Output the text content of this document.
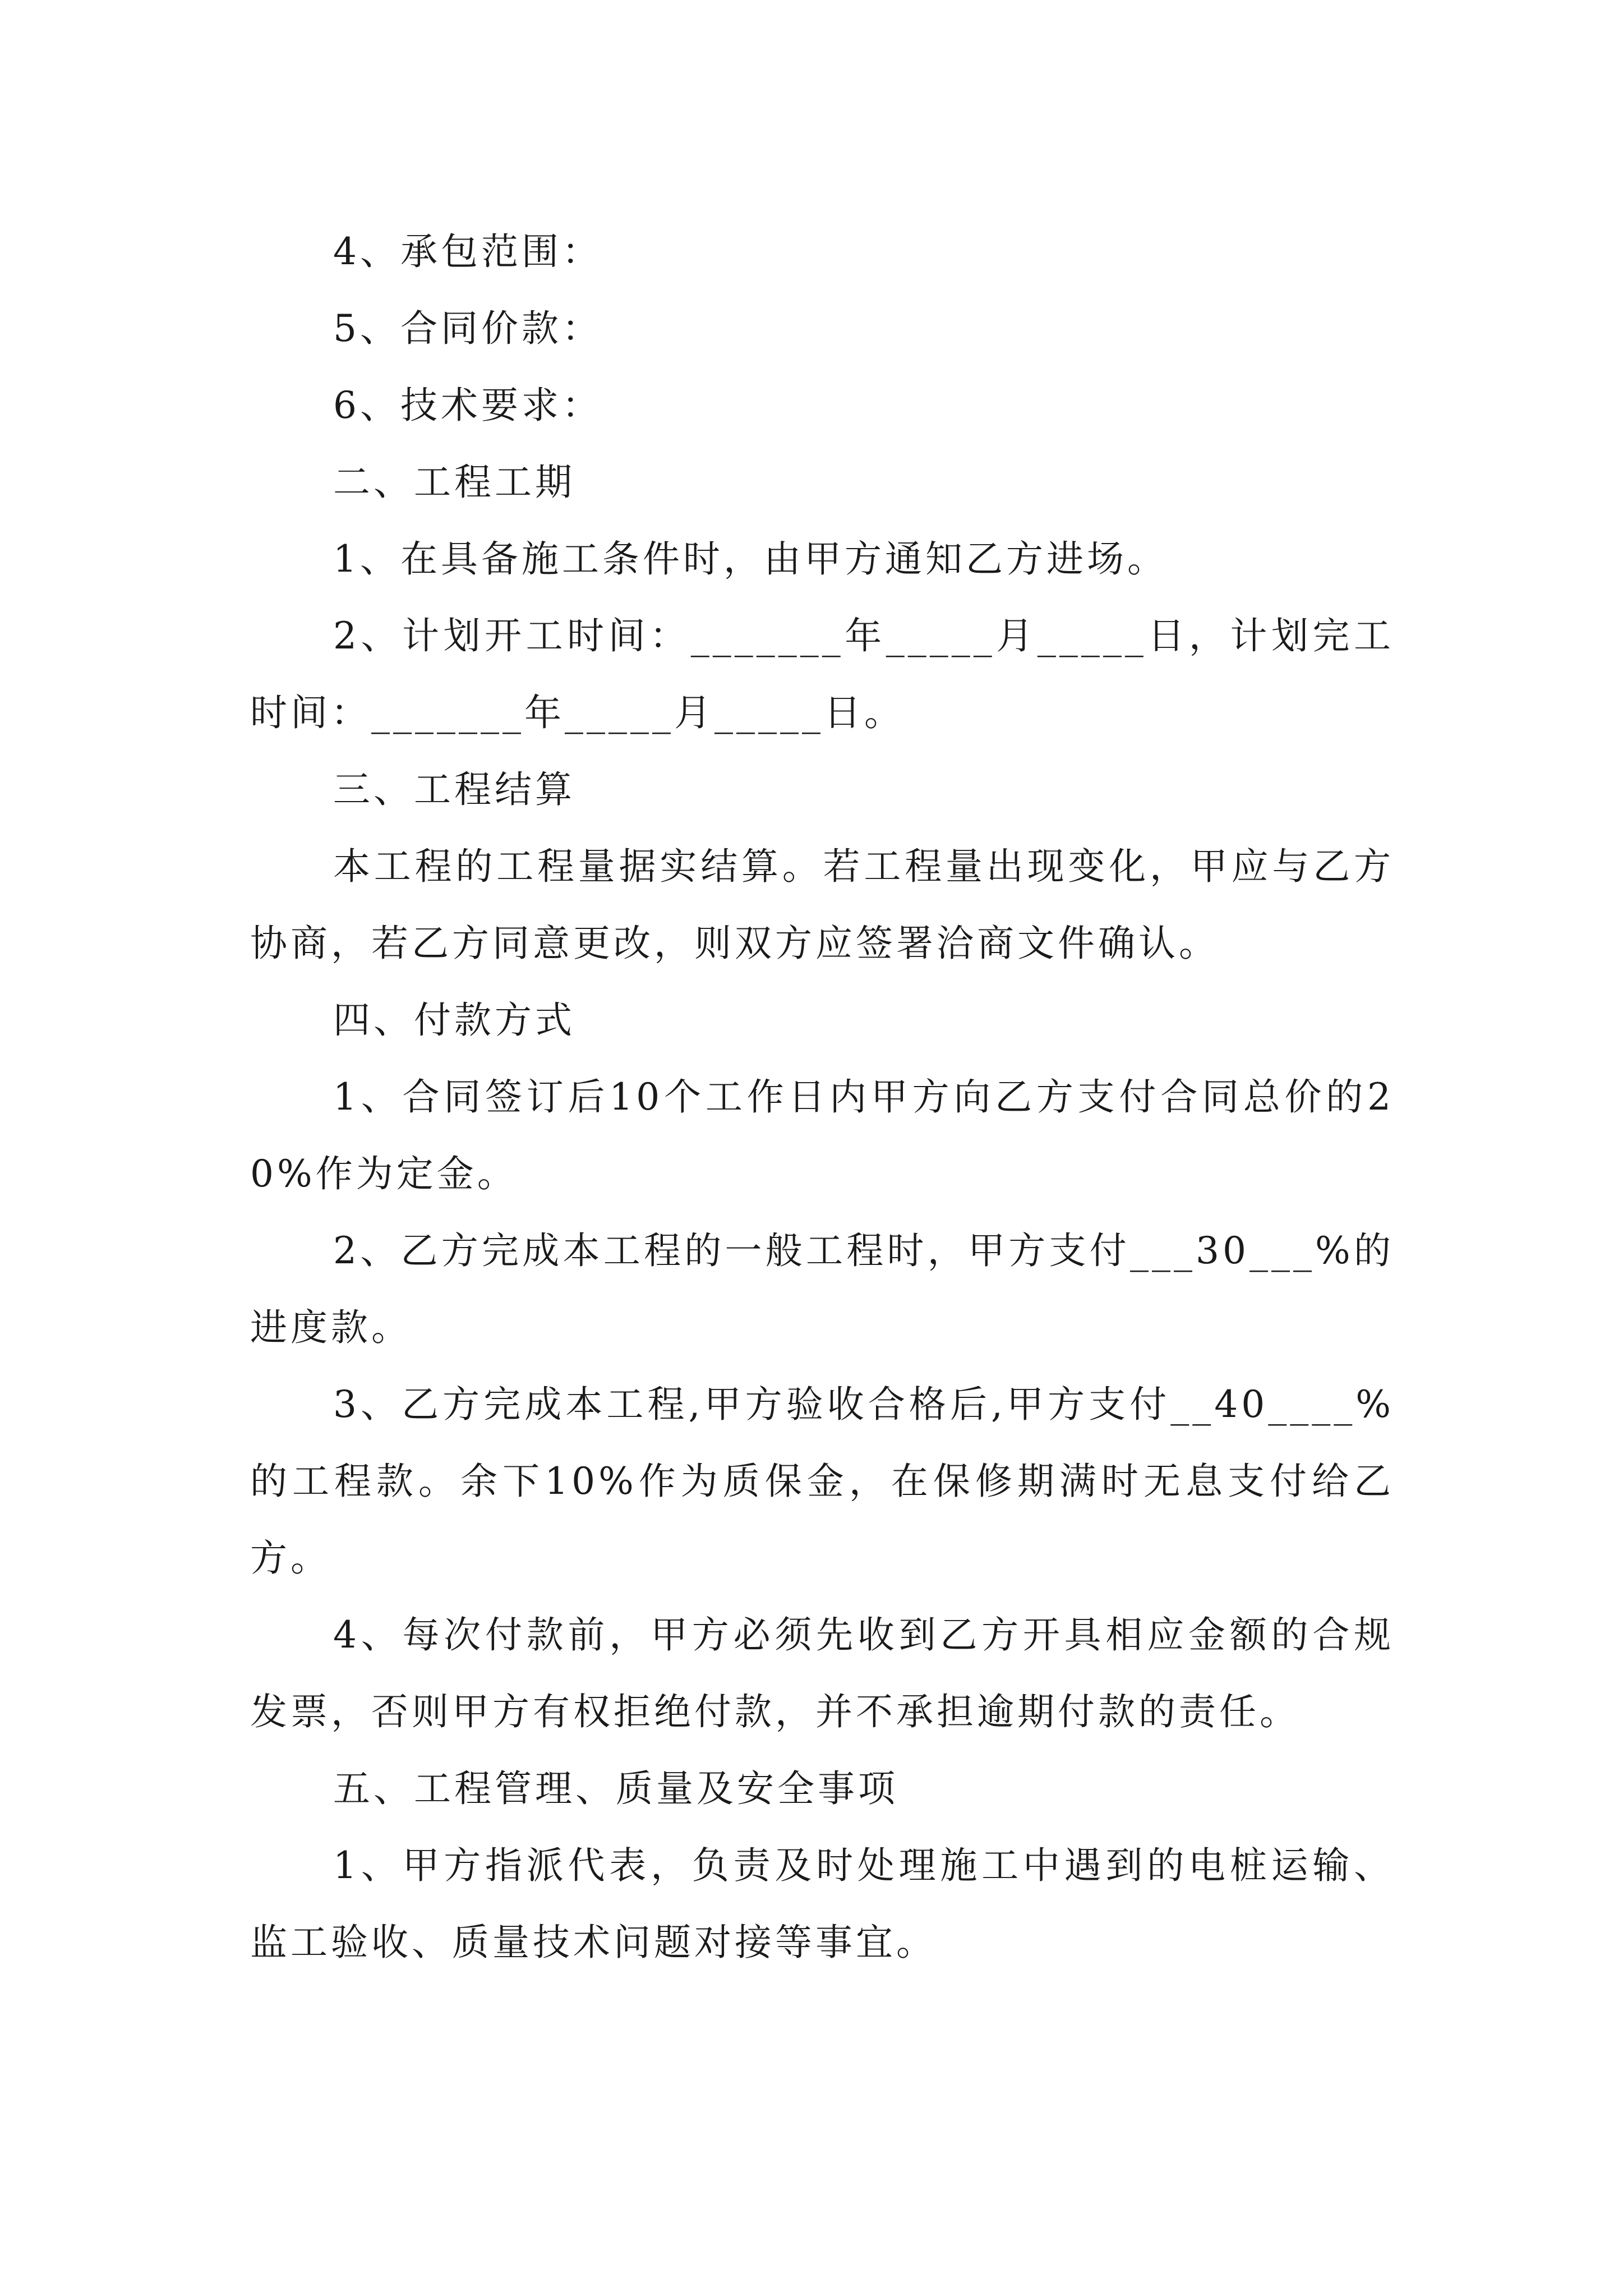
4、承包范围：

5、合同价款：

6、技术要求：

二、工程工期

1、在具备施工条件时，由甲方通知乙方进场。

2、计划开工时间：_______年_____月_____日，计划完工时间：_______年_____月_____日。

三、工程结算

本工程的工程量据实结算。若工程量出现变化，甲应与乙方协商，若乙方同意更改，则双方应签署洽商文件确认。

四、付款方式

1、合同签订后10个工作日内甲方向乙方支付合同总价的20%作为定金。

2、乙方完成本工程的一般工程时，甲方支付___30___%的进度款。

3、乙方完成本工程,甲方验收合格后,甲方支付__40____%的工程款。余下10%作为质保金，在保修期满时无息支付给乙方。

4、每次付款前，甲方必须先收到乙方开具相应金额的合规发票，否则甲方有权拒绝付款，并不承担逾期付款的责任。

五、工程管理、质量及安全事项

1、甲方指派代表，负责及时处理施工中遇到的电桩运输、监工验收、质量技术问题对接等事宜。
